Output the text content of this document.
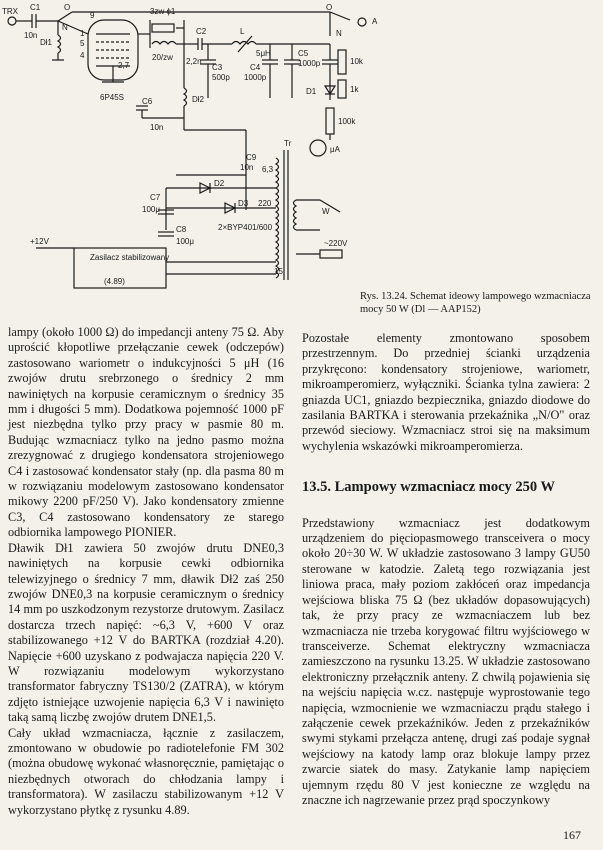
TRX C1
10n
Dł1
N
O
9
1
5
4
3zw ɸ1
20/zw
C2
2,2n
L
5μH
C3
500p
C4
1000p
C5
1000p
N
O
A
10k
1k
D1
100k
μA
2,7
6P45S	Dł2
C6
10n
Tr
C9
10n 6,3
D2
D3
C7
100μ
220
C8
100μ
2×BYP401/600
W
~220V
15
+12V
Zasilacz stabilizowany
(4.89)
Rys. 13.24. Schemat ideowy lampowego wzmacniacza mocy 50 W (Dl — AAP152)

lampy (około 1000 Ω) do impedancji anteny 75 Ω. Aby uprościć kłopotliwe przełączanie cewek (odczepów) zastosowano wariometr o indukcyjności 5 μH (16 zwojów drutu srebrzonego o średnicy 2 mm nawiniętych na korpusie ceramicznym o średnicy 35 mm i długości 5 mm). Dodatkowa pojemność 1000 pF jest niezbędna tylko przy pracy w pasmie 80 m. Budując wzmacniacz tylko na jedno pasmo można zrezygnować z drugiego kondensatora strojeniowego C4 i zastosować kondensator stały (np. dla pasma 80 m w rozwiązaniu modelowym zastosowano kondensator mikowy 2200 pF/250 V). Jako kondensatory zmienne C3, C4 zastosowano kondensatory ze starego odbiornika lampowego PIONIER.

Dławik Dł1 zawiera 50 zwojów drutu DNE0,3 nawiniętych na korpusie cewki odbiornika telewizyjnego o średnicy 7 mm, dławik Dł2 zaś 250 zwojów DNE0,3 na korpusie ceramicznym o średnicy 14 mm po uszkodzonym rezystorze drutowym. Zasilacz dostarcza trzech napięć: ~6,3 V, +600 V oraz stabilizowanego +12 V do BARTKA (rozdział 4.20). Napięcie +600 uzyskano z podwajacza napięcia 220 V. W rozwiązaniu modelowym wykorzystano transformator fabryczny TS130/2 (ZATRA), w którym zdjęto istniejące uzwojenie napięcia 6,3 V i nawinięto taką samą liczbę zwojów drutem DNE1,5.

Cały układ wzmacniacza, łącznie z zasilaczem, zmontowano w obudowie po radiotelefonie FM 302 (można obudowę wykonać własnoręcznie, pamiętając o niezbędnych otworach do chłodzania lampy i transformatora). W zasilaczu stabilizowanym +12 V wykorzystano płytkę z rysunku 4.89.

Pozostałe elementy zmontowano sposobem przestrzennym. Do przedniej ścianki urządzenia przykręcono: kondensatory strojeniowe, wariometr, mikroamperomierz, wyłączniki. Ścianka tylna zawiera: 2 gniazda UC1, gniazdo bezpiecznika, gniazdo diodowe do zasilania BARTKA i sterowania przekaźnika „N/O" oraz przewód sieciowy. Wzmacniacz stroi się na maksimum wychylenia wskazówki mikroamperomierza.

13.5. Lampowy wzmacniacz mocy 250 W

Przedstawiony wzmacniacz jest dodatkowym urządzeniem do pięciopasmowego transceivera o mocy około 20÷30 W. W układzie zastosowano 3 lampy GU50 sterowane w katodzie. Zaletą tego rozwiązania jest liniowa praca, mały poziom zakłóceń oraz impedancja wejściowa bliska 75 Ω (bez układów dopasowujących) tak, że przy pracy ze wzmacniaczem lub bez wzmacniacza nie trzeba korygować filtru wyjściowego w transceiverze. Schemat elektryczny wzmacniacza zamieszczono na rysunku 13.25. W układzie zastosowano elektroniczny przełącznik anteny. Z chwilą pojawienia się na wejściu napięcia w.cz. następuje wyprostowanie tego napięcia, wzmocnienie we wzmacniaczu prądu stałego i załączenie cewek przekaźników. Jeden z przekaźników swymi stykami przełącza antenę, drugi zaś podaje sygnał wejściowy na katody lamp oraz blokuje lampy przez zwarcie siatek do masy. Zatykanie lamp napięciem ujemnym rzędu 80 V jest konieczne ze względu na znaczne ich nagrzewanie przez prąd spoczynkowy

167
